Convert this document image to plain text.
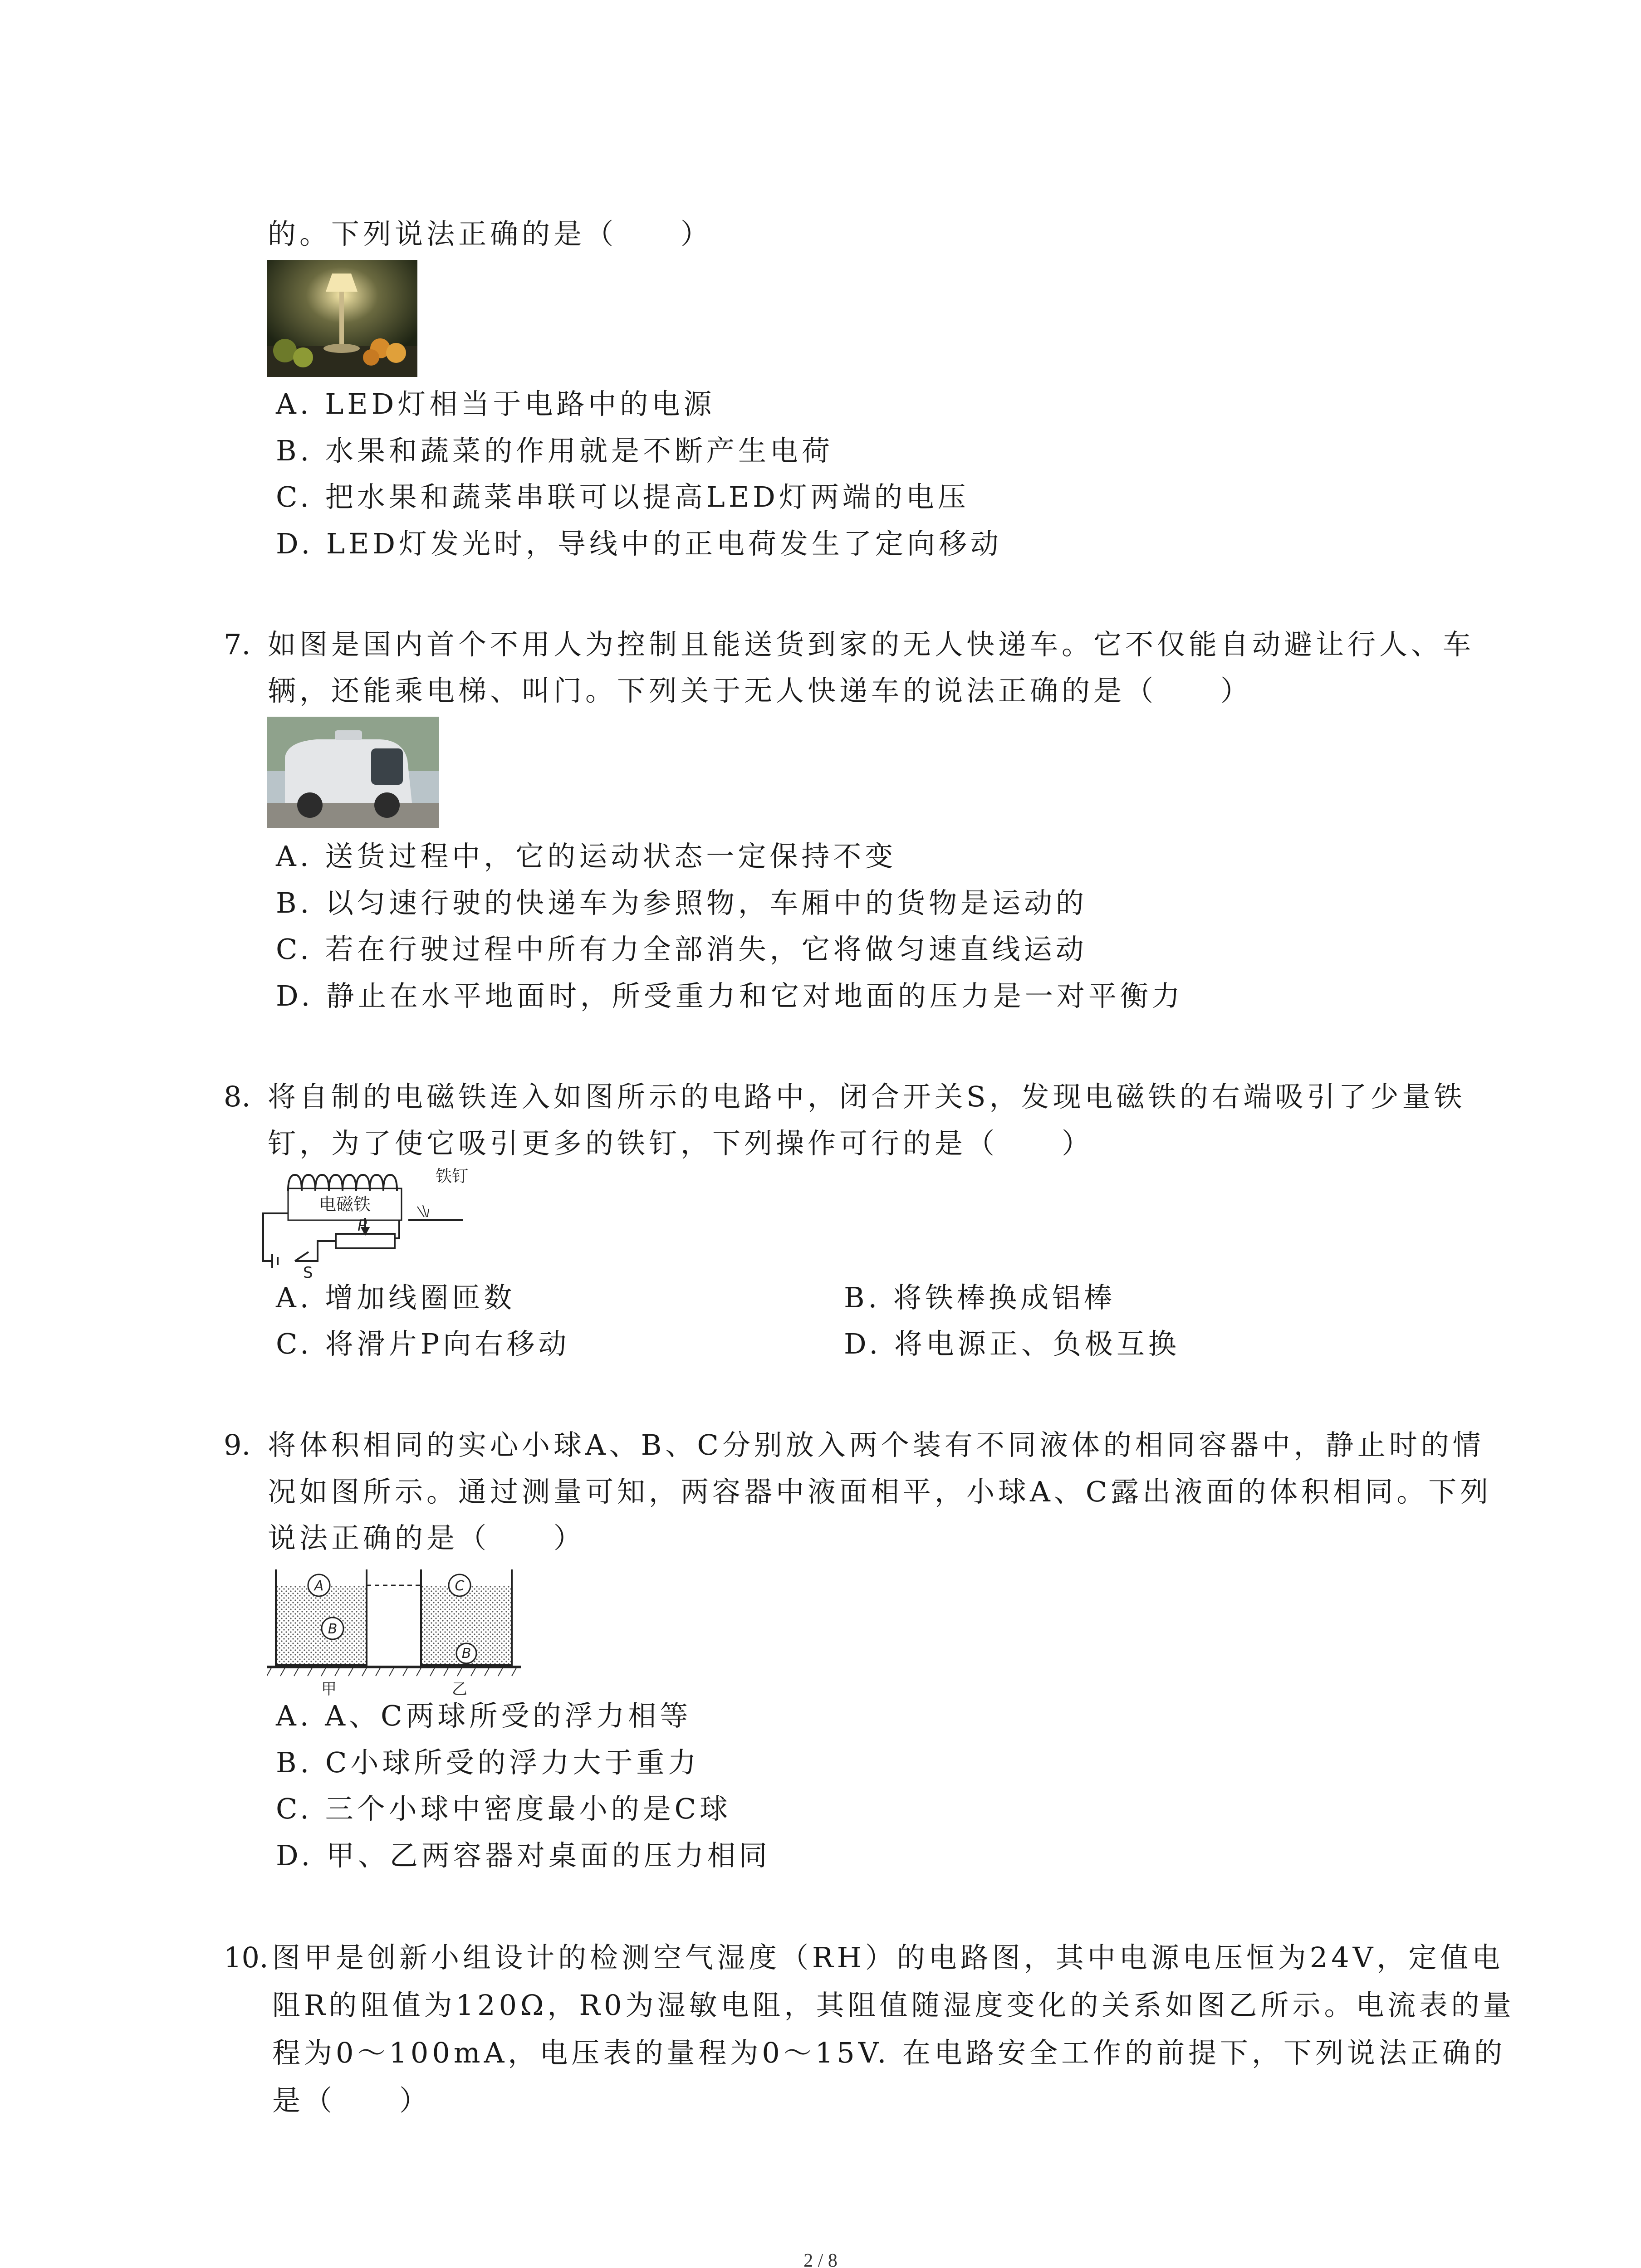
的。下列说法正确的是（　　）
A. LED灯相当于电路中的电源
B. 水果和蔬菜的作用就是不断产生电荷
C. 把水果和蔬菜串联可以提高LED灯两端的电压
D. LED灯发光时，导线中的正电荷发生了定向移动
7. 如图是国内首个不用人为控制且能送货到家的无人快递车。它不仅能自动避让行人、车
辆，还能乘电梯、叫门。下列关于无人快递车的说法正确的是（　　）
A. 送货过程中，它的运动状态一定保持不变
B. 以匀速行驶的快递车为参照物，车厢中的货物是运动的
C. 若在行驶过程中所有力全部消失，它将做匀速直线运动
D. 静止在水平地面时，所受重力和它对地面的压力是一对平衡力
8. 将自制的电磁铁连入如图所示的电路中，闭合开关S，发现电磁铁的右端吸引了少量铁
钉，为了使它吸引更多的铁钉，下列操作可行的是（　　）
电磁铁
铁钉
P
S
A. 增加线圈匝数	B. 将铁棒换成铝棒
C. 将滑片P向右移动	D. 将电源正、负极互换
9. 将体积相同的实心小球A、B、C分别放入两个装有不同液体的相同容器中，静止时的情
况如图所示。通过测量可知，两容器中液面相平，小球A、C露出液面的体积相同。下列
说法正确的是（　　）
A
B
C
B
甲	乙
A. A、C两球所受的浮力相等
B. C小球所受的浮力大于重力
C. 三个小球中密度最小的是C球
D. 甲、乙两容器对桌面的压力相同
10. 图甲是创新小组设计的检测空气湿度（RH）的电路图，其中电源电压恒为24V，定值电
阻R的阻值为120Ω，R0为湿敏电阻，其阻值随湿度变化的关系如图乙所示。电流表的量
程为0～100mA，电压表的量程为0～15V. 在电路安全工作的前提下，下列说法正确的
是（　　）
2 / 8
